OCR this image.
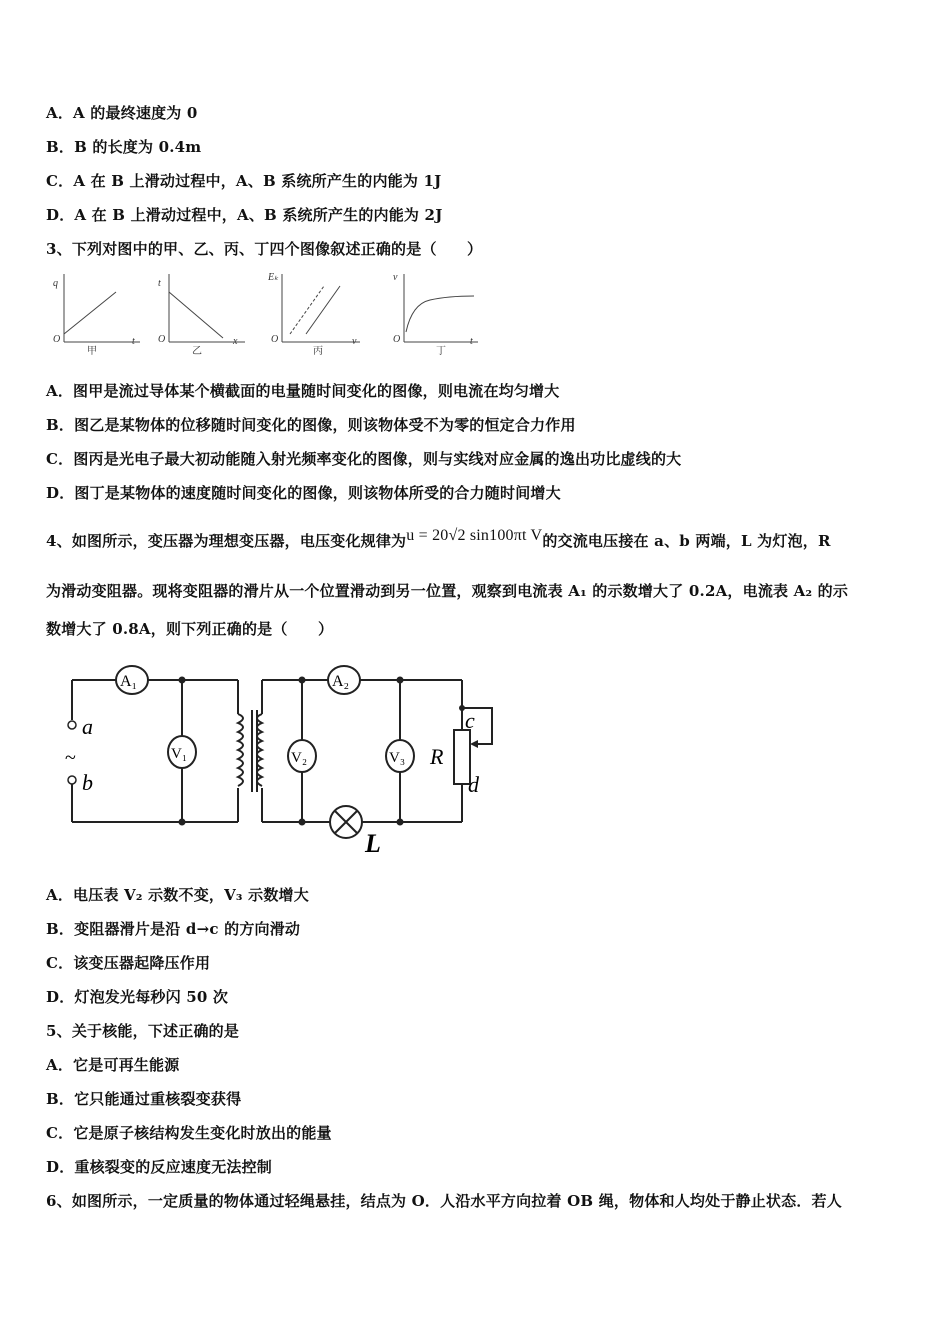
A．A 的最终速度为 0
B．B 的长度为 0.4m
C．A 在 B 上滑动过程中，A、B 系统所产生的内能为 1J
D．A 在 B 上滑动过程中，A、B 系统所产生的内能为 2J
3、下列对图中的甲、乙、丙、丁四个图像叙述正确的是（　　）
q
O	t
甲
t
O	x
乙
Eₖ
O	ν
丙
v
O	t
丁
A．图甲是流过导体某个横截面的电量随时间变化的图像，则电流在均匀增大
B．图乙是某物体的位移随时间变化的图像，则该物体受不为零的恒定合力作用
C．图丙是光电子最大初动能随入射光频率变化的图像，则与实线对应金属的逸出功比虚线的大
D．图丁是某物体的速度随时间变化的图像，则该物体所受的合力随时间增大
4、如图所示，变压器为理想变压器，电压变化规律为u = 20√2 sin100πt V的交流电压接在 a、b 两端，L 为灯泡，R
为滑动变阻器。现将变阻器的滑片从一个位置滑动到另一位置，观察到电流表 A₁ 的示数增大了 0.2A，电流表 A₂ 的示
数增大了 0.8A，则下列正确的是（　　）
A₁	A₂
V₁	V₂	V₃
a
b
~	R
c
d
L
A．电压表 V₂ 示数不变，V₃ 示数增大
B．变阻器滑片是沿 d→c 的方向滑动
C．该变压器起降压作用
D．灯泡发光每秒闪 50 次
5、关于核能，下述正确的是
A．它是可再生能源
B．它只能通过重核裂变获得
C．它是原子核结构发生变化时放出的能量
D．重核裂变的反应速度无法控制
6、如图所示，一定质量的物体通过轻绳悬挂，结点为 O．人沿水平方向拉着 OB 绳，物体和人均处于静止状态．若人
